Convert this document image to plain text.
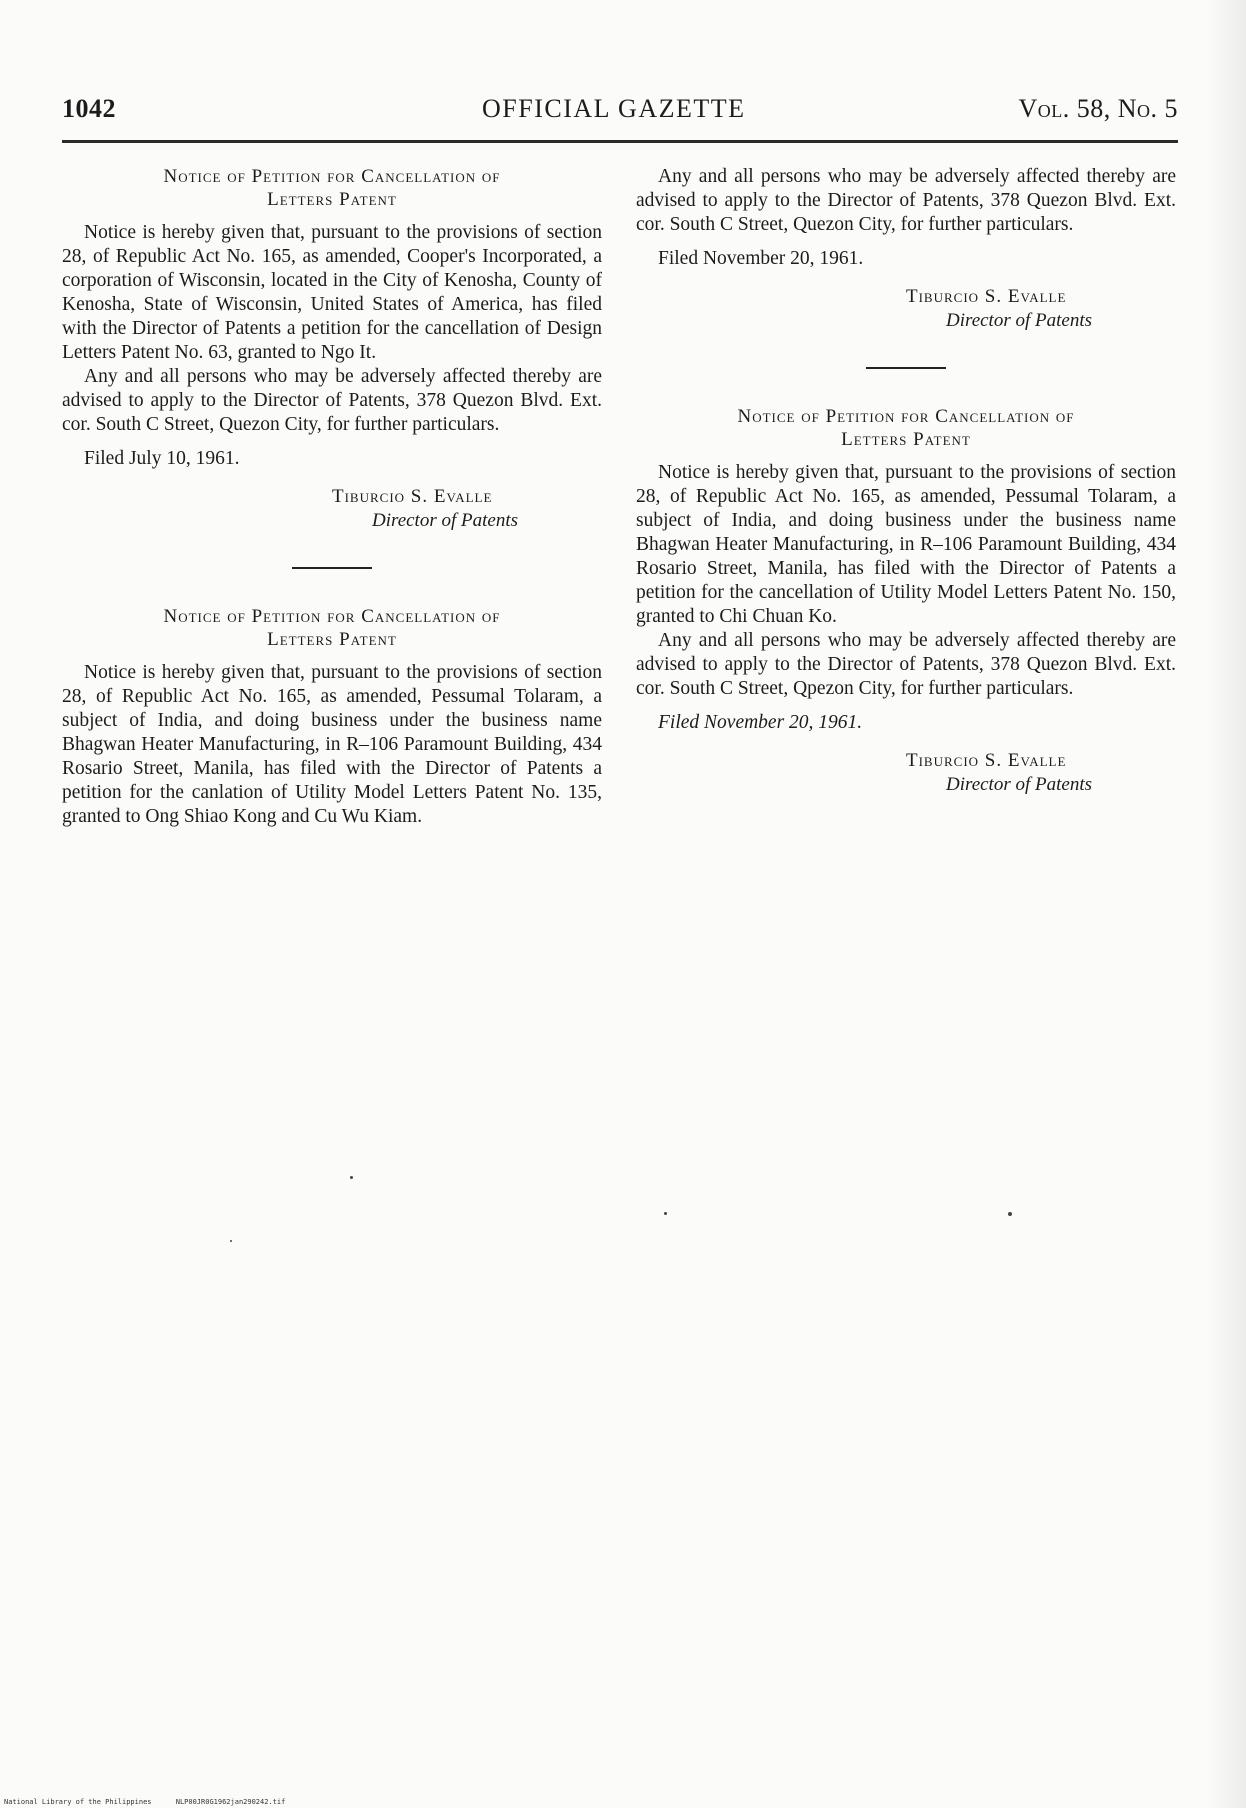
1042	OFFICIAL GAZETTE	Vol. 58, No. 5
Notice of Petition for Cancellation of
Letters Patent

Notice is hereby given that, pursuant to the provisions of section 28, of Republic Act No. 165, as amended, Cooper's Incorporated, a corporation of Wisconsin, located in the City of Kenosha, County of Kenosha, State of Wisconsin, United States of America, has filed with the Director of Patents a petition for the cancellation of Design Letters Patent No. 63, granted to Ngo It.

Any and all persons who may be adversely affected thereby are advised to apply to the Director of Patents, 378 Quezon Blvd. Ext. cor. South C Street, Quezon City, for further particulars.

Filed July 10, 1961.

Tiburcio S. Evalle
Director of Patents
Notice of Petition for Cancellation of
Letters Patent

Notice is hereby given that, pursuant to the provisions of section 28, of Republic Act No. 165, as amended, Pessumal Tolaram, a subject of India, and doing business under the business name Bhagwan Heater Manufacturing, in R–106 Paramount Building, 434 Rosario Street, Manila, has filed with the Director of Patents a petition for the canlation of Utility Model Letters Patent No. 135, granted to Ong Shiao Kong and Cu Wu Kiam.

Any and all persons who may be adversely affected thereby are advised to apply to the Director of Patents, 378 Quezon Blvd. Ext. cor. South C Street, Quezon City, for further particulars.

Filed November 20, 1961.

Tiburcio S. Evalle
Director of Patents
Notice of Petition for Cancellation of
Letters Patent

Notice is hereby given that, pursuant to the provisions of section 28, of Republic Act No. 165, as amended, Pessumal Tolaram, a subject of India, and doing business under the business name Bhagwan Heater Manufacturing, in R–106 Paramount Building, 434 Rosario Street, Manila, has filed with the Director of Patents a petition for the cancellation of Utility Model Letters Patent No. 150, granted to Chi Chuan Ko.

Any and all persons who may be adversely affected thereby are advised to apply to the Director of Patents, 378 Quezon Blvd. Ext. cor. South C Street, Qpezon City, for further particulars.

Filed November 20, 1961.

Tiburcio S. Evalle
Director of Patents
National Library of the Philippines	NLP00JR0G1962jan290242.tif
